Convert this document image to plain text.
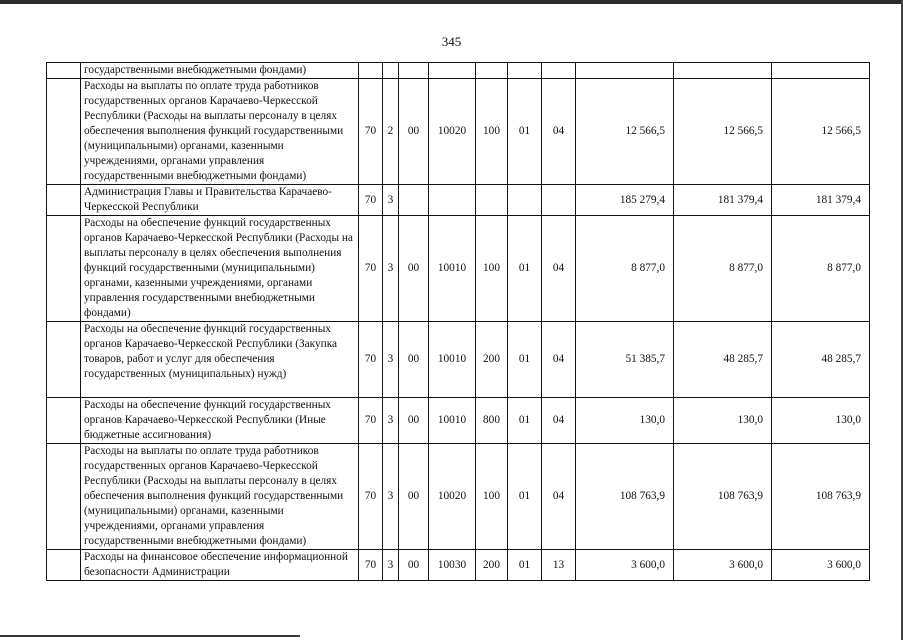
345
	государственными внебюджетными фондами)										
	Расходы на выплаты по оплате труда работников государственных органов Карачаево-Черкесской Республики (Расходы на выплаты персоналу в целях обеспечения выполнения функций государственными (муниципальными) органами, казенными учреждениями, органами управления государственными внебюджетными фондами)	70	2	00	10020	100	01	04	12 566,5	12 566,5	12 566,5
	Администрация Главы и Правительства Карачаево-Черкесской Республики	70	3						185 279,4	181 379,4	181 379,4
	Расходы на обеспечение функций государственных органов Карачаево-Черкесской Республики (Расходы на выплаты персоналу в целях обеспечения выполнения функций государственными (муниципальными) органами, казенными учреждениями, органами управления государственными внебюджетными фондами)	70	3	00	10010	100	01	04	8 877,0	8 877,0	8 877,0
	Расходы на обеспечение функций государственных органов Карачаево-Черкесской Республики (Закупка товаров, работ и услуг для обеспечения государственных (муниципальных) нужд)	70	3	00	10010	200	01	04	51 385,7	48 285,7	48 285,7
	Расходы на обеспечение функций государственных органов Карачаево-Черкесской Республики (Иные бюджетные ассигнования)	70	3	00	10010	800	01	04	130,0	130,0	130,0
	Расходы на выплаты по оплате труда работников государственных органов Карачаево-Черкесской Республики (Расходы на выплаты персоналу в целях обеспечения выполнения функций государственными (муниципальными) органами, казенными учреждениями, органами управления государственными внебюджетными фондами)	70	3	00	10020	100	01	04	108 763,9	108 763,9	108 763,9
	Расходы на финансовое обеспечение информационной безопасности Администрации	70	3	00	10030	200	01	13	3 600,0	3 600,0	3 600,0
